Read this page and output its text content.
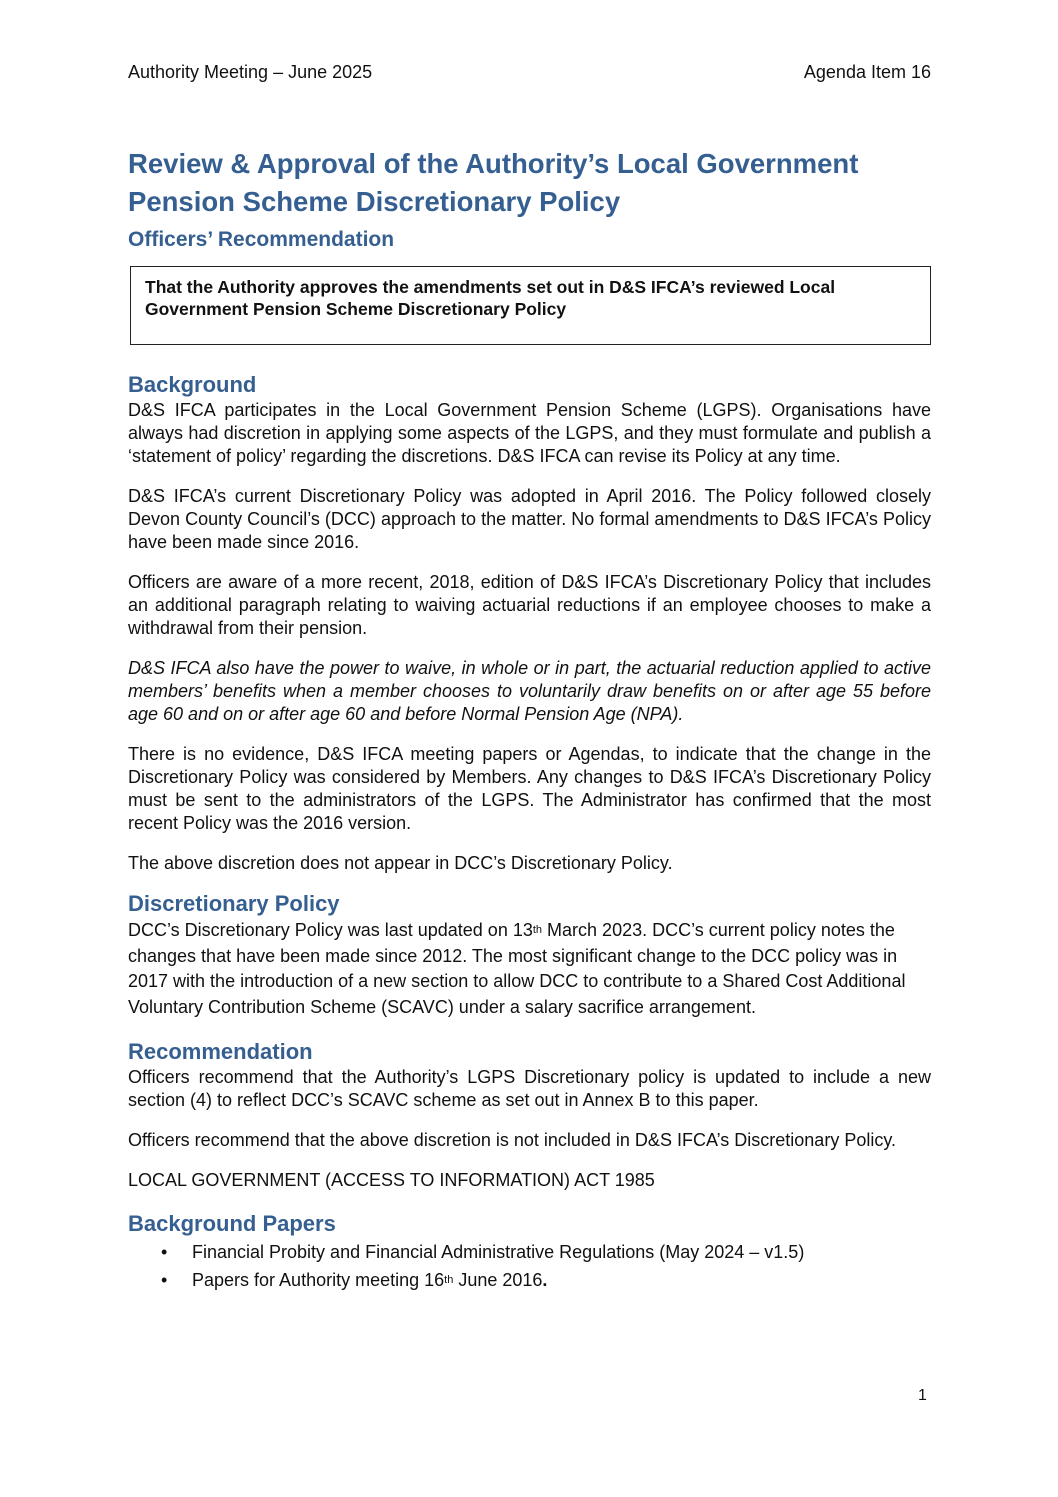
Authority Meeting – June 2025	Agenda Item 16
Review & Approval of the Authority’s Local Government Pension Scheme Discretionary Policy
Officers’ Recommendation
That the Authority approves the amendments set out in D&S IFCA’s reviewed Local Government Pension Scheme Discretionary Policy
Background

D&S IFCA participates in the Local Government Pension Scheme (LGPS). Organisations have always had discretion in applying some aspects of the LGPS, and they must formulate and publish a ‘statement of policy’ regarding the discretions. D&S IFCA can revise its Policy at any time.

D&S IFCA’s current Discretionary Policy was adopted in April 2016. The Policy followed closely Devon County Council’s (DCC) approach to the matter. No formal amendments to D&S IFCA’s Policy have been made since 2016.

Officers are aware of a more recent, 2018, edition of D&S IFCA’s Discretionary Policy that includes an additional paragraph relating to waiving actuarial reductions if an employee chooses to make a withdrawal from their pension.

D&S IFCA also have the power to waive, in whole or in part, the actuarial reduction applied to active members’ benefits when a member chooses to voluntarily draw benefits on or after age 55 before age 60 and on or after age 60 and before Normal Pension Age (NPA).

There is no evidence, D&S IFCA meeting papers or Agendas, to indicate that the change in the Discretionary Policy was considered by Members. Any changes to D&S IFCA’s Discretionary Policy must be sent to the administrators of the LGPS. The Administrator has confirmed that the most recent Policy was the 2016 version.

The above discretion does not appear in DCC’s Discretionary Policy.

Discretionary Policy

DCC’s Discretionary Policy was last updated on 13th March 2023. DCC’s current policy notes the changes that have been made since 2012. The most significant change to the DCC policy was in 2017 with the introduction of a new section to allow DCC to contribute to a Shared Cost Additional Voluntary Contribution Scheme (SCAVC) under a salary sacrifice arrangement.

Recommendation

Officers recommend that the Authority’s LGPS Discretionary policy is updated to include a new section (4) to reflect DCC’s SCAVC scheme as set out in Annex B to this paper.

Officers recommend that the above discretion is not included in D&S IFCA’s Discretionary Policy.

LOCAL GOVERNMENT (ACCESS TO INFORMATION) ACT 1985

Background Papers
• Financial Probity and Financial Administrative Regulations (May 2024 – v1.5)
• Papers for Authority meeting 16th June 2016.
1
